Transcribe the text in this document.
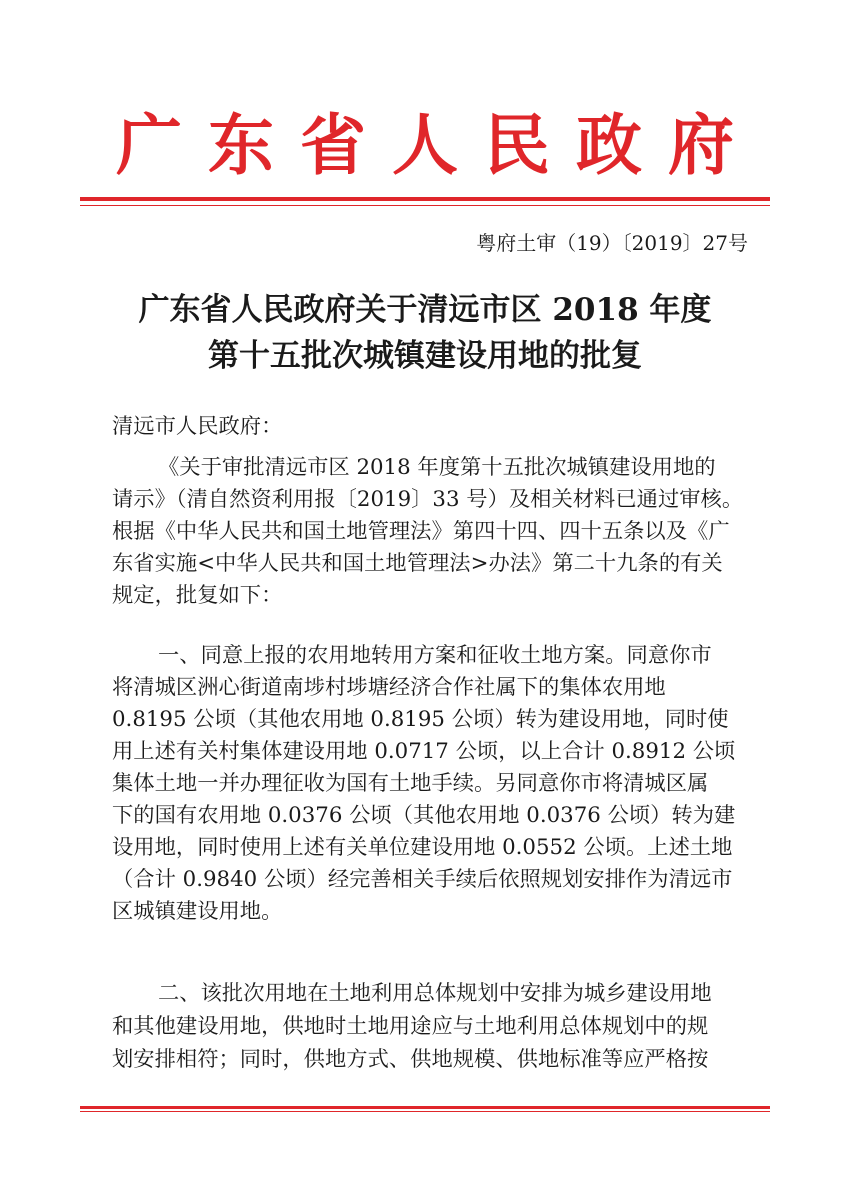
广东省人民政府
粤府土审（19）〔2019〕27号
广东省人民政府关于清远市区 2018 年度
第十五批次城镇建设用地的批复
清远市人民政府：
《关于审批清远市区 2018 年度第十五批次城镇建设用地的
请示》（清自然资利用报〔2019〕33 号）及相关材料已通过审核。
根据《中华人民共和国土地管理法》第四十四、四十五条以及《广
东省实施<中华人民共和国土地管理法>办法》第二十九条的有关
规定，批复如下：
一、同意上报的农用地转用方案和征收土地方案。同意你市
将清城区洲心街道南埗村埗塘经济合作社属下的集体农用地
0.8195 公顷（其他农用地 0.8195 公顷）转为建设用地，同时使
用上述有关村集体建设用地 0.0717 公顷，以上合计 0.8912 公顷
集体土地一并办理征收为国有土地手续。另同意你市将清城区属
下的国有农用地 0.0376 公顷（其他农用地 0.0376 公顷）转为建
设用地，同时使用上述有关单位建设用地 0.0552 公顷。上述土地
（合计 0.9840 公顷）经完善相关手续后依照规划安排作为清远市
区城镇建设用地。
二、该批次用地在土地利用总体规划中安排为城乡建设用地
和其他建设用地，供地时土地用途应与土地利用总体规划中的规
划安排相符；同时，供地方式、供地规模、供地标准等应严格按
